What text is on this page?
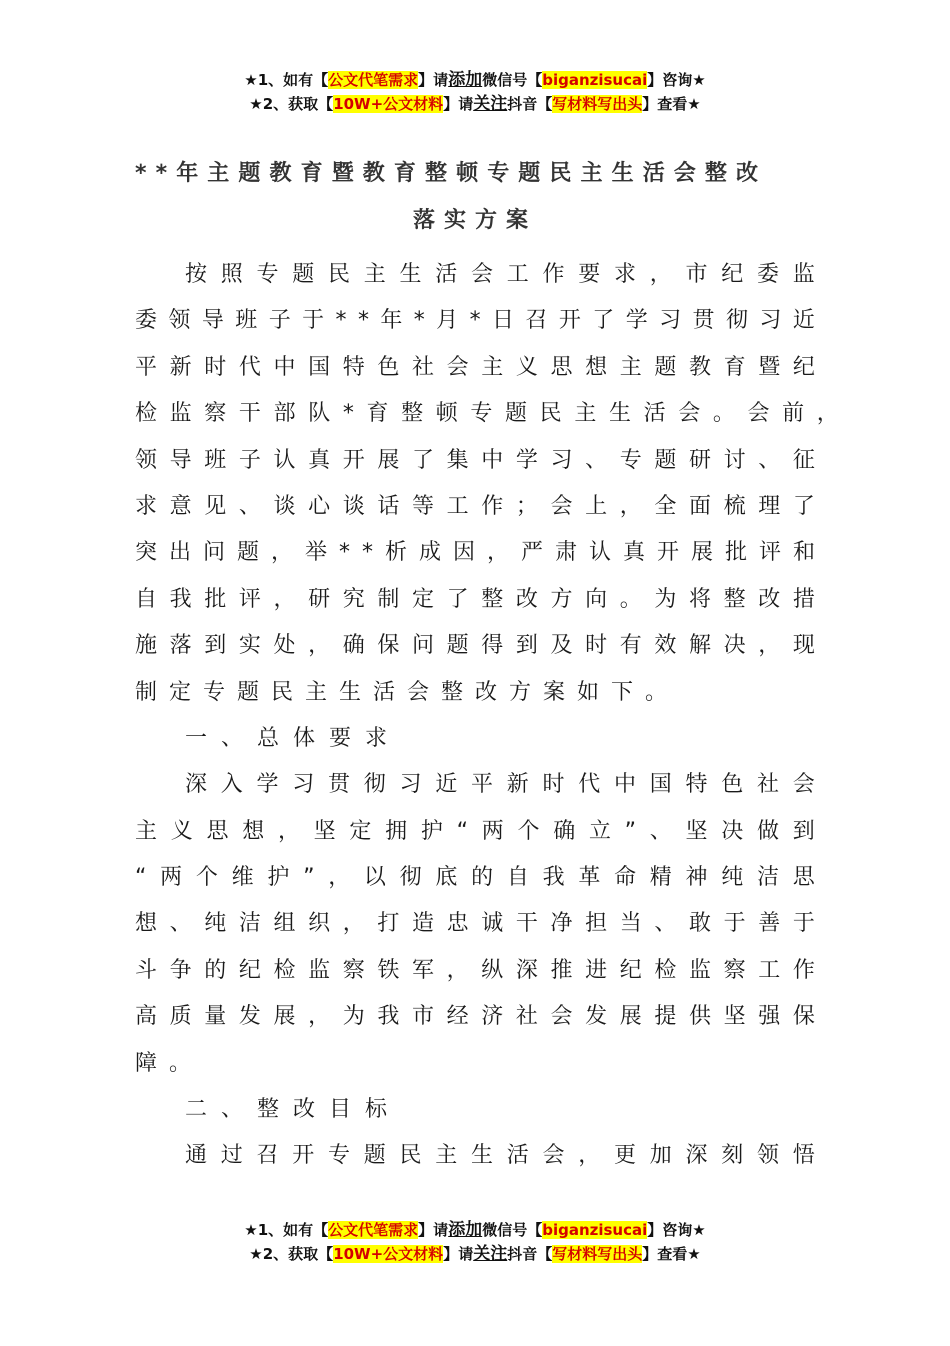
★1、如有【公文代笔需求】请添加微信号【biganzisucai】咨询★
★2、获取【10W+公文材料】请关注抖音【写材料写出头】查看★
**年主题教育暨教育整顿专题民主生活会整改
落实方案
按 照 专 题 民 主 生 活 会 工 作 要 求 ， 市 纪 委 监
委 领 导 班 子 于 * * 年 * 月 * 日 召 开 了 学 习 贯 彻 习 近
平 新 时 代 中 国 特 色 社 会 主 义 思 想 主 题 教 育 暨 纪
检 监 察 干 部 队 * 育 整 顿 专 题 民 主 生 活 会 。 会 前 ，
领 导 班 子 认 真 开 展 了 集 中 学 习 、 专 题 研 讨 、 征
求 意 见 、 谈 心 谈 话 等 工 作 ； 会 上 ， 全 面 梳 理 了
突 出 问 题 ， 举 * * 析 成 因 ， 严 肃 认 真 开 展 批 评 和
自 我 批 评 ， 研 究 制 定 了 整 改 方 向 。 为 将 整 改 措
施 落 到 实 处 ， 确 保 问 题 得 到 及 时 有 效 解 决 ， 现
制定专题民主生活会整改方案如下。
一、总体要求
深 入 学 习 贯 彻 习 近 平 新 时 代 中 国 特 色 社 会
主 义 思 想 ， 坚 定 拥 护 “ 两 个 确 立 ” 、 坚 决 做 到
“ 两 个 维 护 ” ， 以 彻 底 的 自 我 革 命 精 神 纯 洁 思
想 、 纯 洁 组 织 ， 打 造 忠 诚 干 净 担 当 、 敢 于 善 于
斗 争 的 纪 检 监 察 铁 军 ， 纵 深 推 进 纪 检 监 察 工 作
高 质 量 发 展 ， 为 我 市 经 济 社 会 发 展 提 供 坚 强 保
障。
二、整改目标
通 过 召 开 专 题 民 主 生 活 会 ， 更 加 深 刻 领 悟
★1、如有【公文代笔需求】请添加微信号【biganzisucai】咨询★
★2、获取【10W+公文材料】请关注抖音【写材料写出头】查看★
